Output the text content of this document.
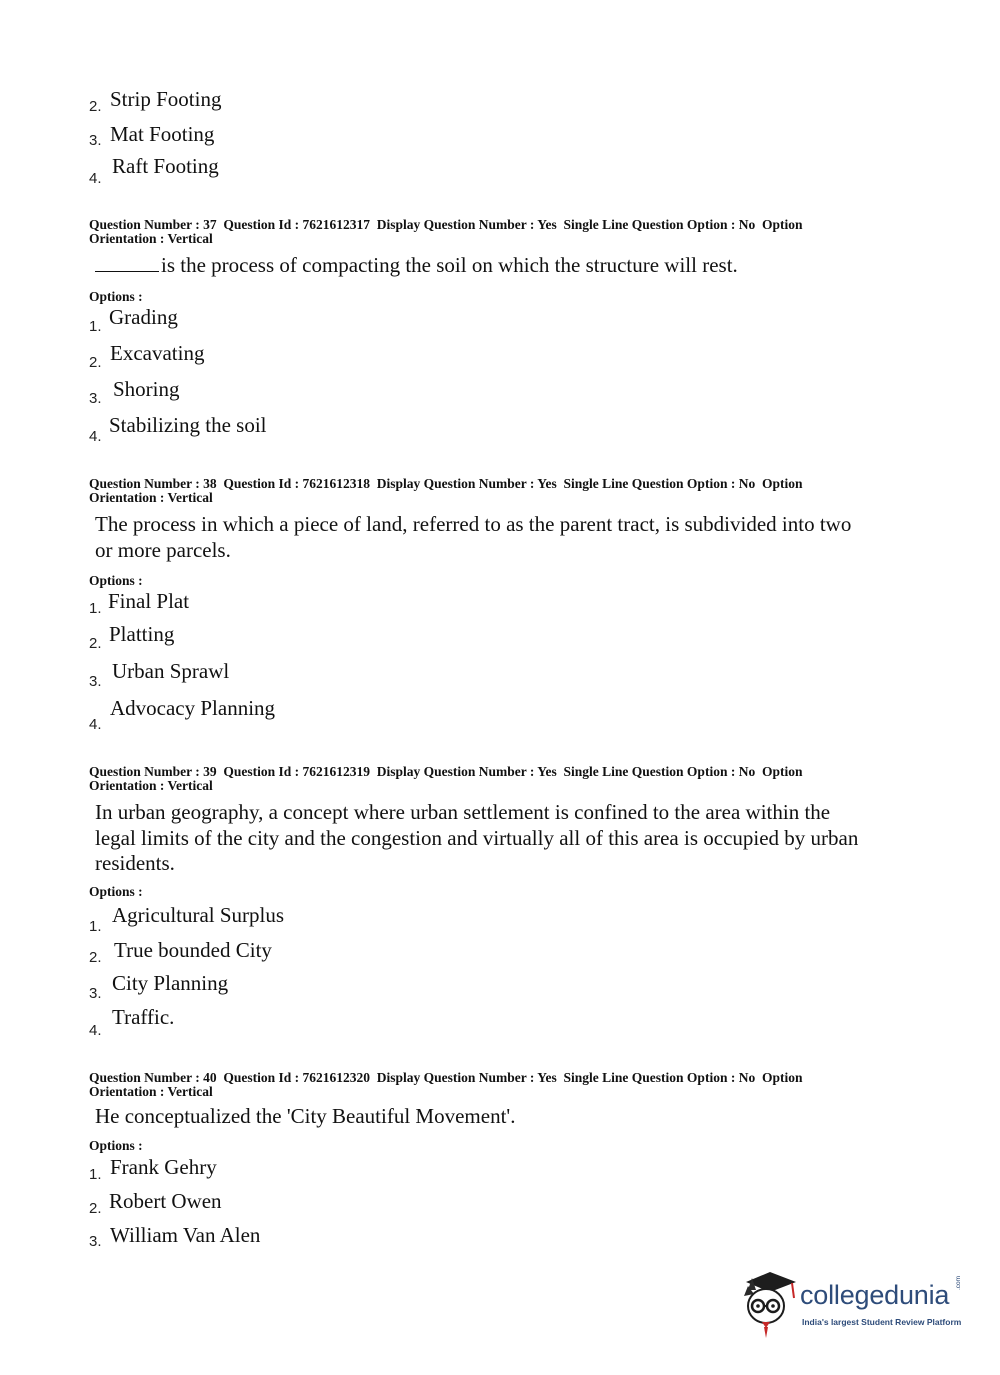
2. Strip Footing
3. Mat Footing
4.
Raft Footing
Question Number : 37  Question Id : 7621612317  Display Question Number : Yes  Single Line Question Option : No  Option
Orientation : Vertical
is the process of compacting the soil on which the structure will rest.
Options :
1. Grading
2. Excavating
3. Shoring
4. Stabilizing the soil
Question Number : 38  Question Id : 7621612318  Display Question Number : Yes  Single Line Question Option : No  Option
Orientation : Vertical
The process in which a piece of land, referred to as the parent tract, is subdivided into two
or more parcels.
Options :
1. Final Plat
2. Platting
3. Urban Sprawl
4.
Advocacy Planning
Question Number : 39  Question Id : 7621612319  Display Question Number : Yes  Single Line Question Option : No  Option
Orientation : Vertical
In urban geography, a concept where urban settlement is confined to the area within the
legal limits of the city and the congestion and virtually all of this area is occupied by urban
residents.
Options :
1. Agricultural Surplus
2. True bounded City
3. City Planning
4.
Traffic.
Question Number : 40  Question Id : 7621612320  Display Question Number : Yes  Single Line Question Option : No  Option
Orientation : Vertical
He conceptualized the 'City Beautiful Movement'.
Options :
1. Frank Gehry
2. Robert Owen
3. William Van Alen
collegedunia .com
India's largest Student Review Platform
